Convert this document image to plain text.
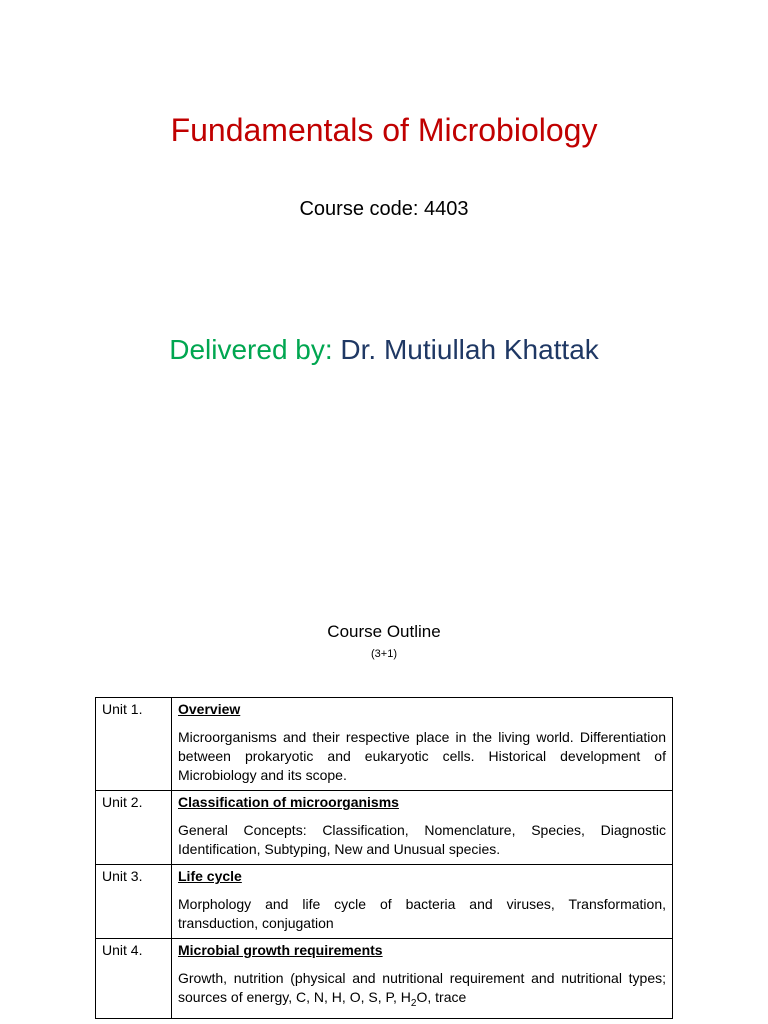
Fundamentals of Microbiology
Course code: 4403
Delivered by: Dr. Mutiullah Khattak
Course Outline
(3+1)
Unit 1.	Overview
Microorganisms and their respective place in the living world. Differentiation between prokaryotic and eukaryotic cells. Historical development of Microbiology and its scope.

Unit 2.	Classification of microorganisms
General Concepts: Classification, Nomenclature, Species, Diagnostic Identification, Subtyping, New and Unusual species.

Unit 3.	Life cycle
Morphology and life cycle of bacteria and viruses, Transformation, transduction, conjugation

Unit 4.	Microbial growth requirements
Growth, nutrition (physical and nutritional requirement and nutritional types; sources of energy, C, N, H, O, S, P, $H_2O$, trace
